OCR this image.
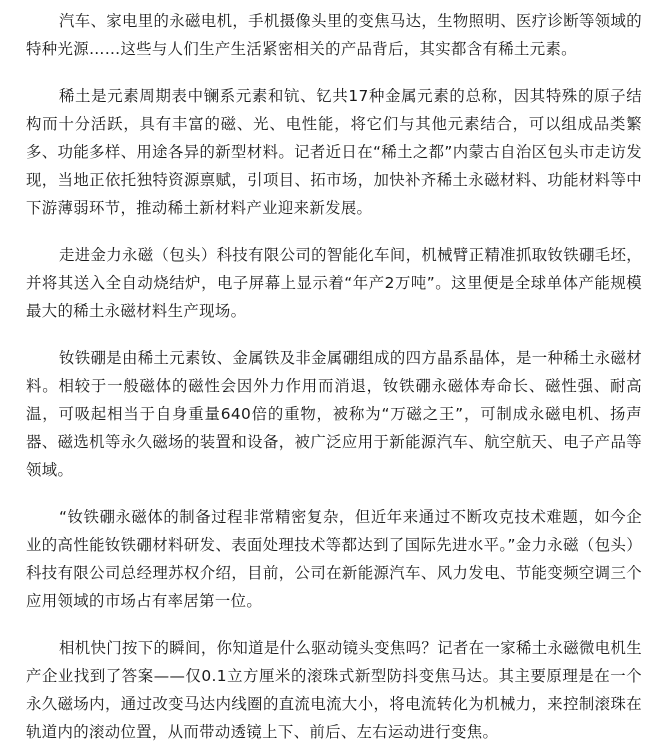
汽车、家电里的永磁电机，手机摄像头里的变焦马达，生物照明、医疗诊断等领域的特种光源……这些与人们生产生活紧密相关的产品背后，其实都含有稀土元素。

稀土是元素周期表中镧系元素和钪、钇共17种金属元素的总称，因其特殊的原子结构而十分活跃，具有丰富的磁、光、电性能，将它们与其他元素结合，可以组成品类繁多、功能多样、用途各异的新型材料。记者近日在“稀土之都”内蒙古自治区包头市走访发现，当地正依托独特资源禀赋，引项目、拓市场，加快补齐稀土永磁材料、功能材料等中下游薄弱环节，推动稀土新材料产业迎来新发展。

走进金力永磁（包头）科技有限公司的智能化车间，机械臂正精准抓取钕铁硼毛坯，并将其送入全自动烧结炉，电子屏幕上显示着“年产2万吨”。这里便是全球单体产能规模最大的稀土永磁材料生产现场。

钕铁硼是由稀土元素钕、金属铁及非金属硼组成的四方晶系晶体，是一种稀土永磁材料。相较于一般磁体的磁性会因外力作用而消退，钕铁硼永磁体寿命长、磁性强、耐高温，可吸起相当于自身重量640倍的重物，被称为“万磁之王”，可制成永磁电机、扬声器、磁选机等永久磁场的装置和设备，被广泛应用于新能源汽车、航空航天、电子产品等领域。

“钕铁硼永磁体的制备过程非常精密复杂，但近年来通过不断攻克技术难题，如今企业的高性能钕铁硼材料研发、表面处理技术等都达到了国际先进水平。”金力永磁（包头）科技有限公司总经理苏权介绍，目前，公司在新能源汽车、风力发电、节能变频空调三个应用领域的市场占有率居第一位。

相机快门按下的瞬间，你知道是什么驱动镜头变焦吗？记者在一家稀土永磁微电机生产企业找到了答案——仅0.1立方厘米的滚珠式新型防抖变焦马达。其主要原理是在一个永久磁场内，通过改变马达内线圈的直流电流大小，将电流转化为机械力，来控制滚珠在轨道内的滚动位置，从而带动透镜上下、前后、左右运动进行变焦。
